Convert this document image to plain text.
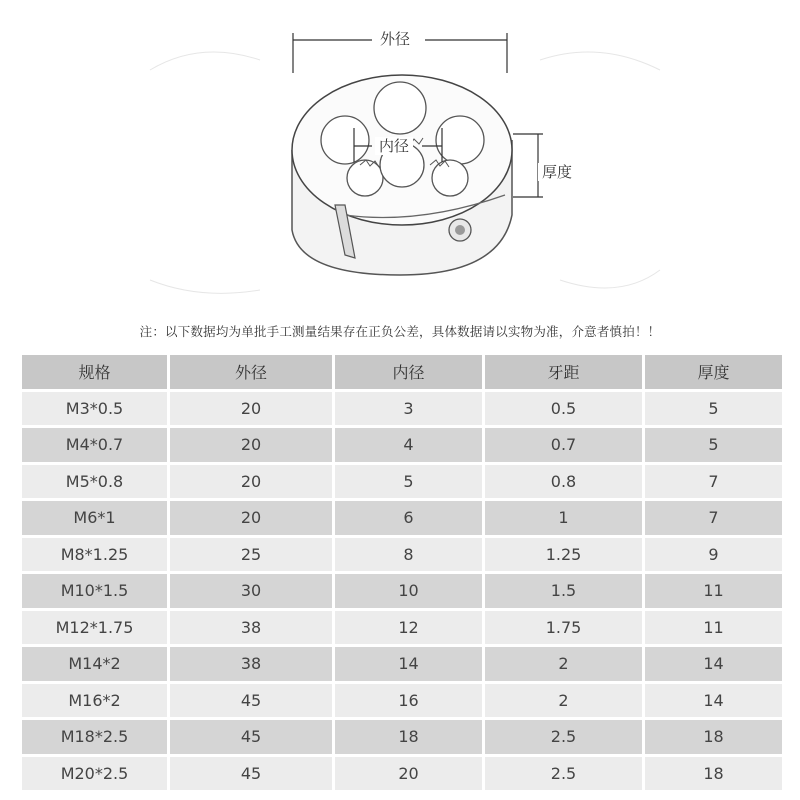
外径
内径
厚度
注：以下数据均为单批手工测量结果存在正负公差，具体数据请以实物为准，介意者慎拍！！
规格	外径	内径	牙距	厚度
M3*0.5	20	3	0.5	5
M4*0.7	20	4	0.7	5
M5*0.8	20	5	0.8	7
M6*1	20	6	1	7
M8*1.25	25	8	1.25	9
M10*1.5	30	10	1.5	11
M12*1.75	38	12	1.75	11
M14*2	38	14	2	14
M16*2	45	16	2	14
M18*2.5	45	18	2.5	18
M20*2.5	45	20	2.5	18
